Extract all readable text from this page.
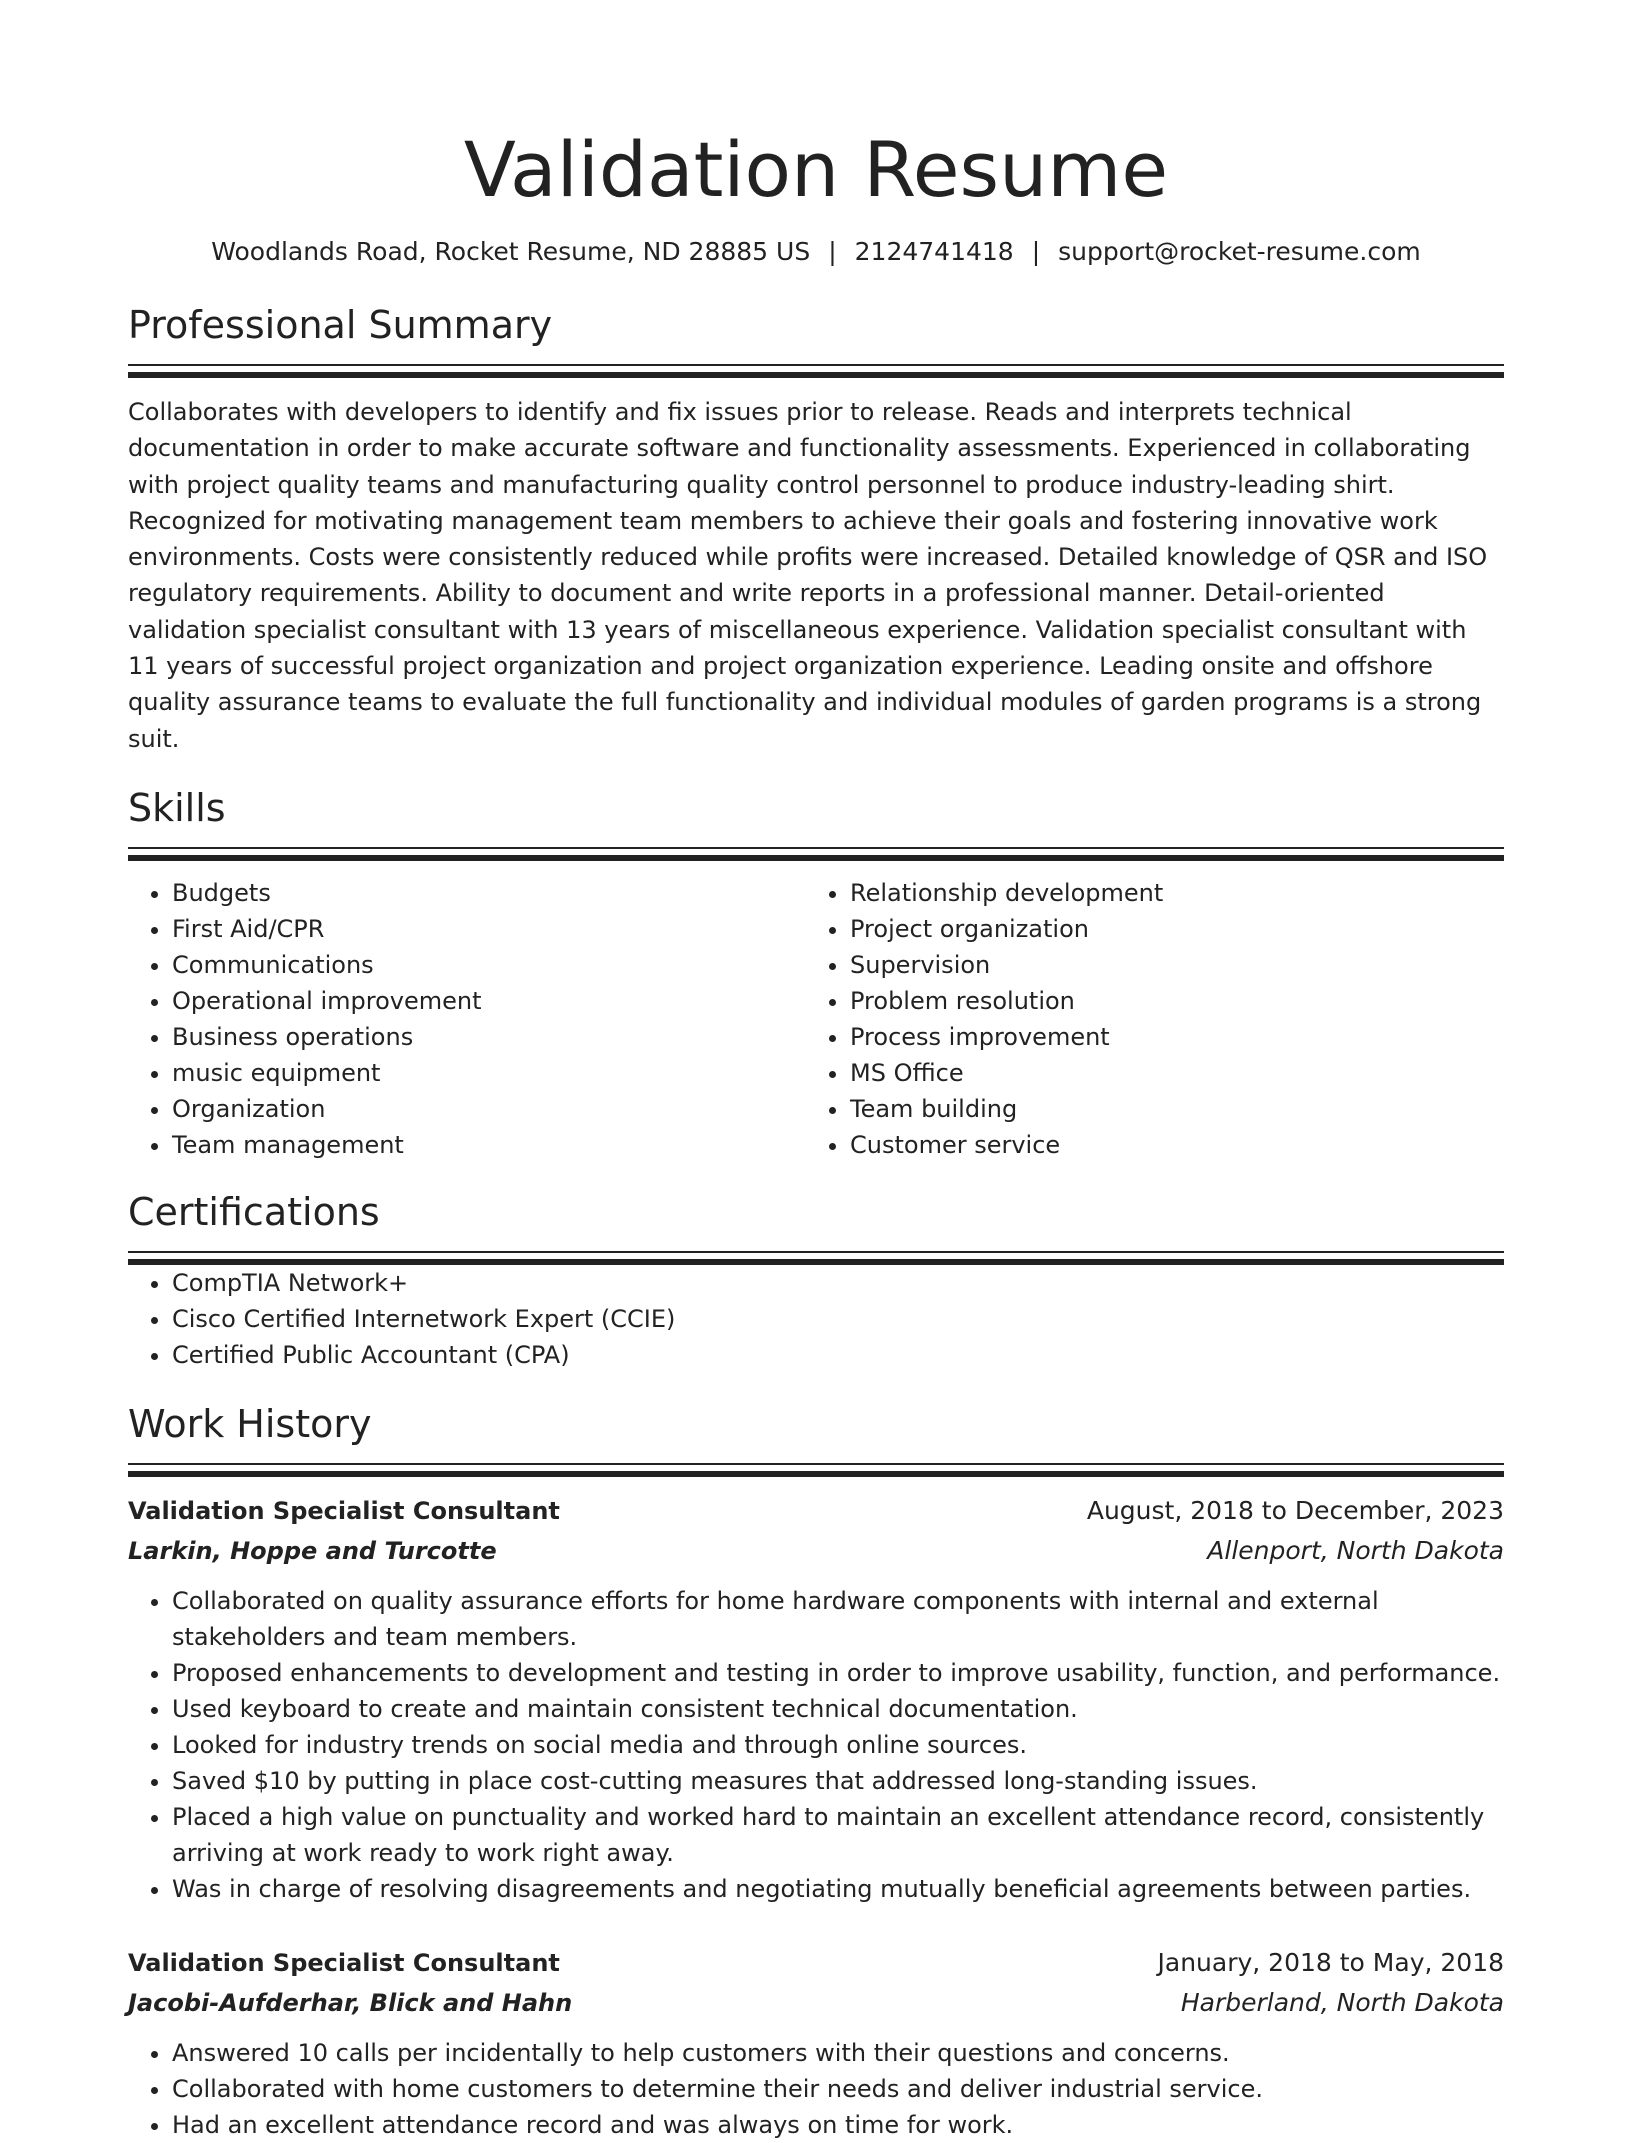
Validation Resume
Woodlands Road, Rocket Resume, ND 28885 US | 2124741418 | support@rocket-resume.com
Professional Summary
Collaborates with developers to identify and fix issues prior to release. Reads and interprets technical documentation in order to make accurate software and functionality assessments. Experienced in collaborating with project quality teams and manufacturing quality control personnel to produce industry-leading shirt. Recognized for motivating management team members to achieve their goals and fostering innovative work environments. Costs were consistently reduced while profits were increased. Detailed knowledge of QSR and ISO regulatory requirements. Ability to document and write reports in a professional manner. Detail-oriented validation specialist consultant with 13 years of miscellaneous experience. Validation specialist consultant with 11 years of successful project organization and project organization experience. Leading onsite and offshore quality assurance teams to evaluate the full functionality and individual modules of garden programs is a strong suit.
Skills
• Budgets
• First Aid/CPR
• Communications
• Operational improvement
• Business operations
• music equipment
• Organization
• Team management
• Relationship development
• Project organization
• Supervision
• Problem resolution
• Process improvement
• MS Office
• Team building
• Customer service
Certifications
• CompTIA Network+
• Cisco Certified Internetwork Expert (CCIE)
• Certified Public Accountant (CPA)
Work History
Validation Specialist Consultant	August, 2018 to December, 2023
Larkin, Hoppe and Turcotte	Allenport, North Dakota
• Collaborated on quality assurance efforts for home hardware components with internal and external stakeholders and team members.
• Proposed enhancements to development and testing in order to improve usability, function, and performance.
• Used keyboard to create and maintain consistent technical documentation.
• Looked for industry trends on social media and through online sources.
• Saved $10 by putting in place cost-cutting measures that addressed long-standing issues.
• Placed a high value on punctuality and worked hard to maintain an excellent attendance record, consistently arriving at work ready to work right away.
• Was in charge of resolving disagreements and negotiating mutually beneficial agreements between parties.
Validation Specialist Consultant	January, 2018 to May, 2018
Jacobi-Aufderhar, Blick and Hahn	Harberland, North Dakota
• Answered 10 calls per incidentally to help customers with their questions and concerns.
• Collaborated with home customers to determine their needs and deliver industrial service.
• Had an excellent attendance record and was always on time for work.
